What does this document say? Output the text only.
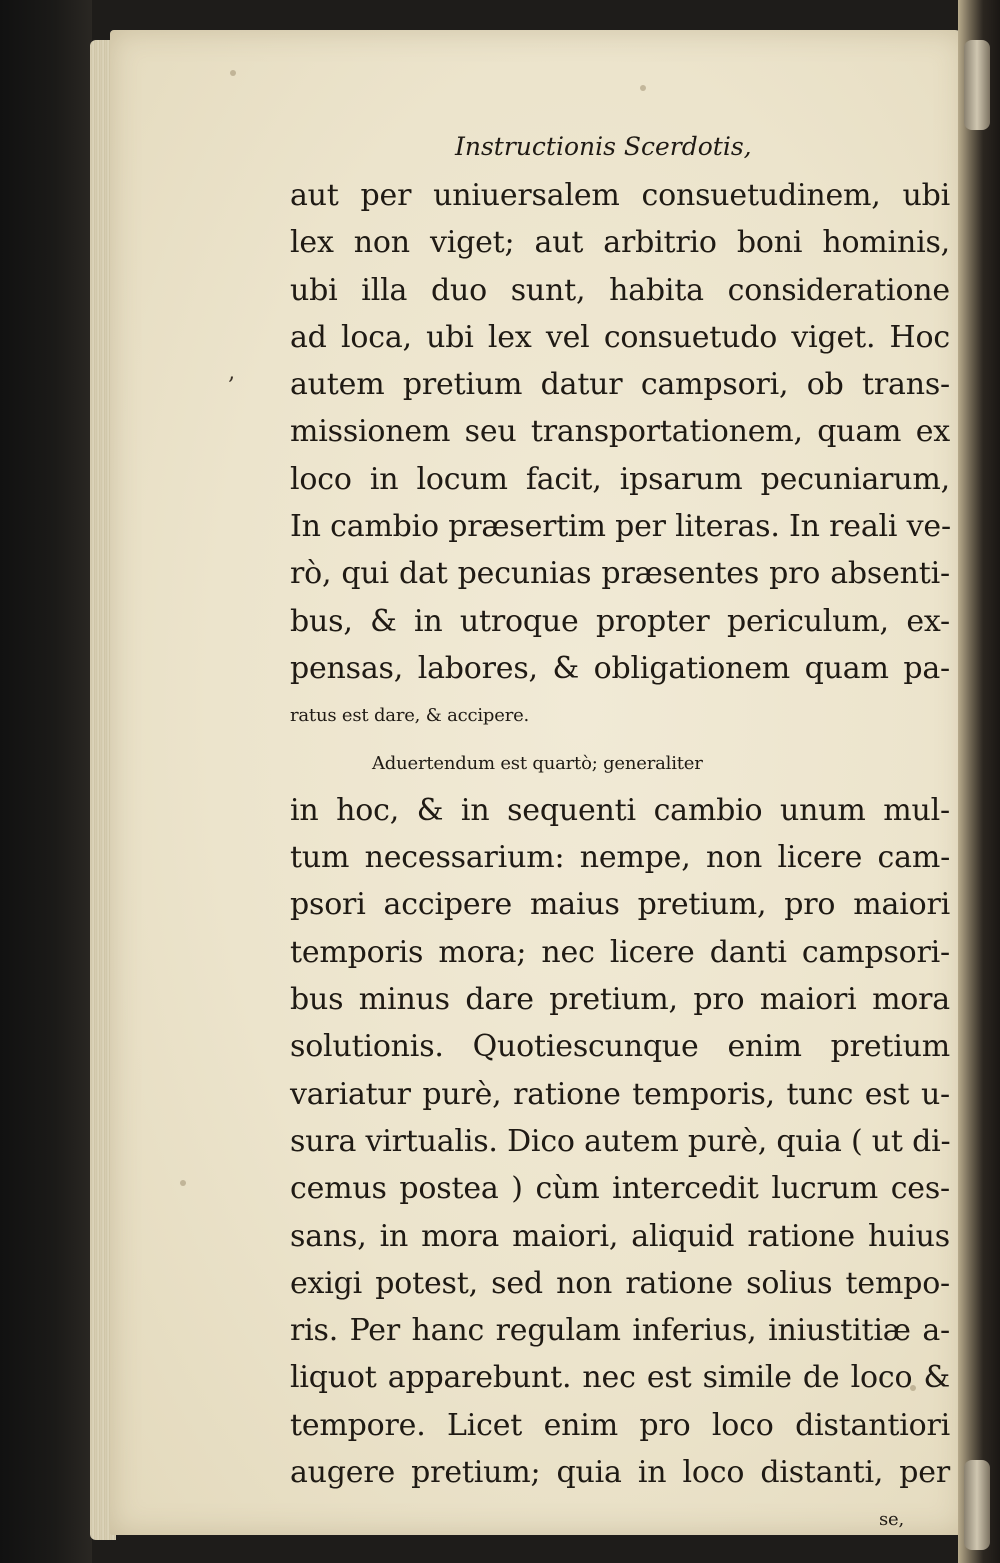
‚
Instructionis Scerdotis,
aut per uniuersalem consuetudinem, ubi
lex non viget; aut arbitrio boni hominis,
ubi illa duo sunt, habita consideratione
ad loca, ubi lex vel consuetudo viget. Hoc
autem pretium datur campsori, ob trans-
missionem seu transportationem, quam ex
loco in locum facit, ipsarum pecuniarum,
In cambio præsertim per literas. In reali ve-
rò, qui dat pecunias præsentes pro absenti-
bus, & in utroque propter periculum, ex-
pensas, labores, & obligationem quam pa-
ratus est dare, & accipere.
Aduertendum est quartò; generaliter
in hoc, & in sequenti cambio unum mul-
tum necessarium: nempe, non licere cam-
psori accipere maius pretium, pro maiori
temporis mora; nec licere danti campsori-
bus minus dare pretium, pro maiori mora
solutionis. Quotiescunque enim pretium
variatur purè, ratione temporis, tunc est u-
sura virtualis. Dico autem purè, quia ( ut di-
cemus postea ) cùm intercedit lucrum ces-
sans, in mora maiori, aliquid ratione huius
exigi potest, sed non ratione solius tempo-
ris. Per hanc regulam inferius, iniustitiæ a-
liquot apparebunt. nec est simile de loco &
tempore. Licet enim pro loco distantiori
augere pretium; quia in loco distanti, per
se,
